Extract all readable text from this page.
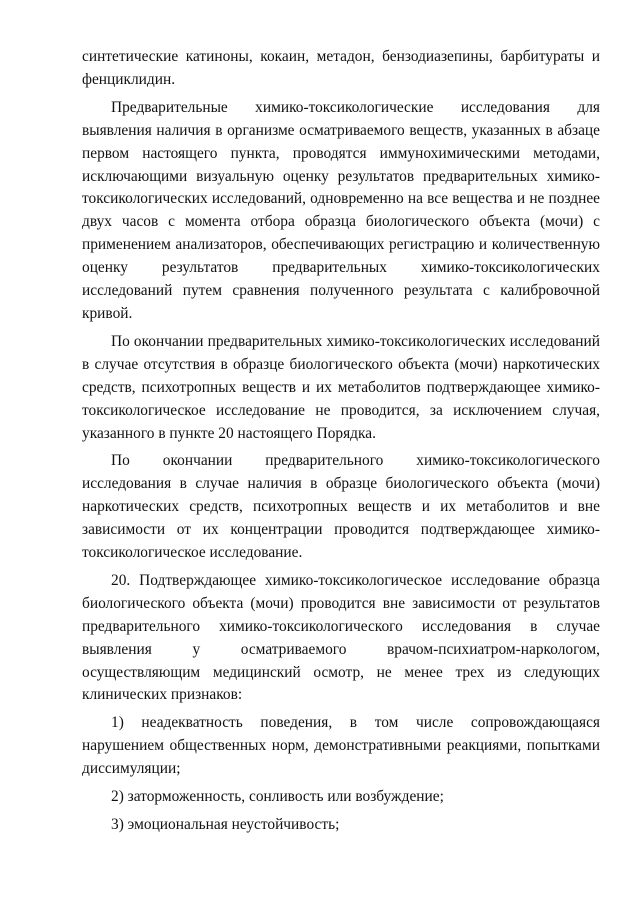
синтетические катиноны, кокаин, метадон, бензодиазепины, барбитураты и фенциклидин.

Предварительные химико-токсикологические исследования для выявления наличия в организме осматриваемого веществ, указанных в абзаце первом настоящего пункта, проводятся иммунохимическими методами, исключающими визуальную оценку результатов предварительных химико-токсикологических исследований, одновременно на все вещества и не позднее двух часов с момента отбора образца биологического объекта (мочи) с применением анализаторов, обеспечивающих регистрацию и количественную оценку результатов предварительных химико-токсикологических исследований путем сравнения полученного результата с калибровочной кривой.

По окончании предварительных химико-токсикологических исследований в случае отсутствия в образце биологического объекта (мочи) наркотических средств, психотропных веществ и их метаболитов подтверждающее химико-токсикологическое исследование не проводится, за исключением случая, указанного в пункте 20 настоящего Порядка.

По окончании предварительного химико-токсикологического исследования в случае наличия в образце биологического объекта (мочи) наркотических средств, психотропных веществ и их метаболитов и вне зависимости от их концентрации проводится подтверждающее химико-токсикологическое исследование.

20. Подтверждающее химико-токсикологическое исследование образца биологического объекта (мочи) проводится вне зависимости от результатов предварительного химико-токсикологического исследования в случае выявления у осматриваемого врачом-психиатром-наркологом, осуществляющим медицинский осмотр, не менее трех из следующих клинических признаков:

1) неадекватность поведения, в том числе сопровождающаяся нарушением общественных норм, демонстративными реакциями, попытками диссимуляции;

2) заторможенность, сонливость или возбуждение;

3) эмоциональная неустойчивость;
